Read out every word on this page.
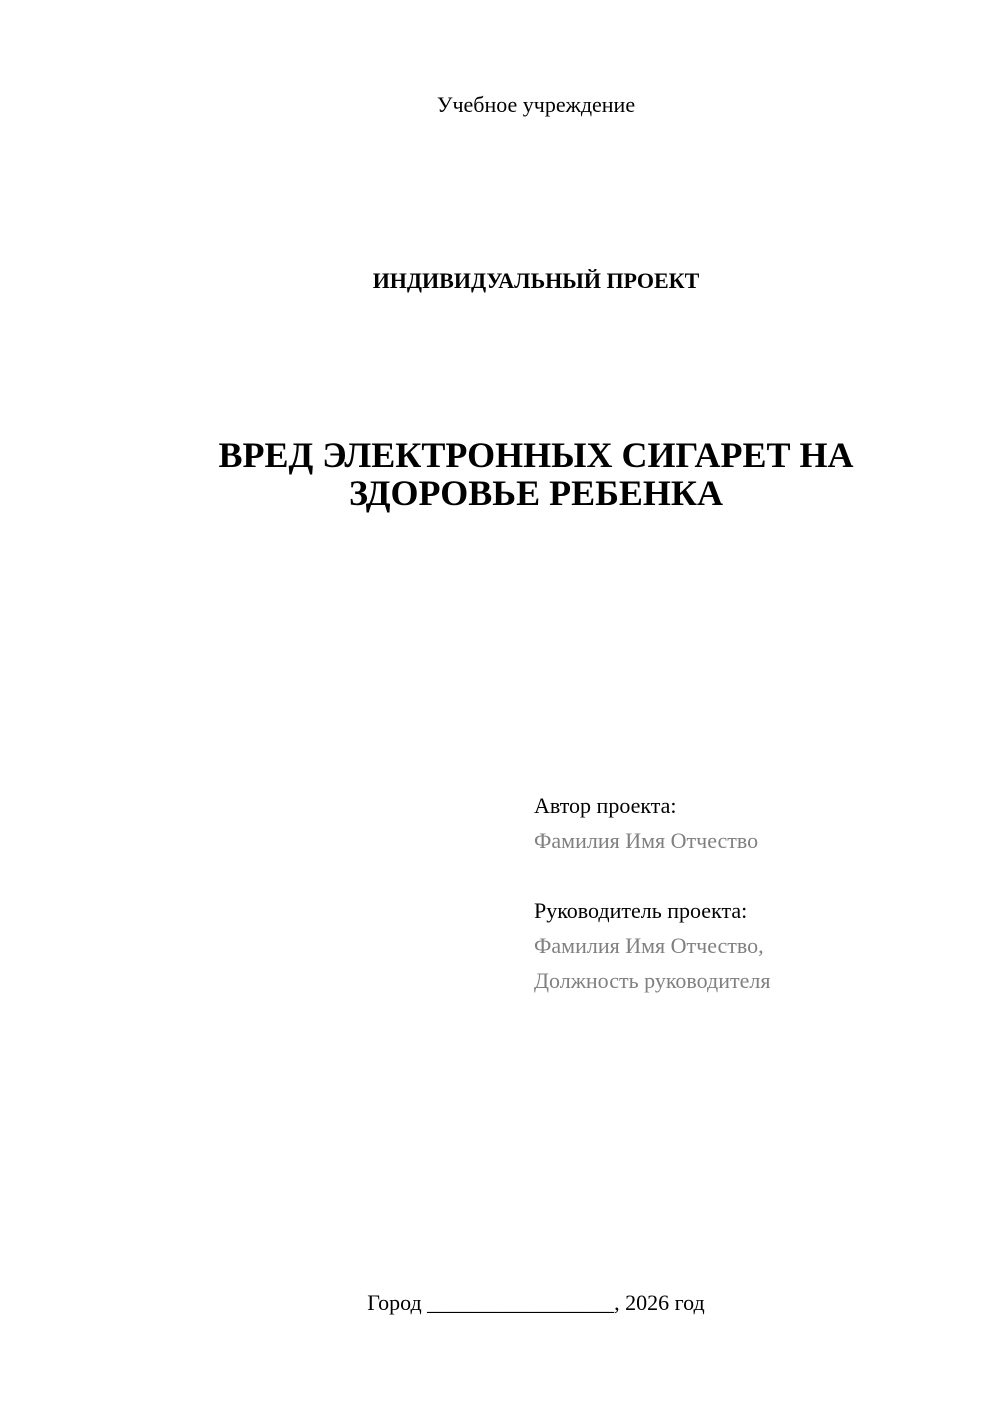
Учебное учреждение
ИНДИВИДУАЛЬНЫЙ ПРОЕКТ
ВРЕД ЭЛЕКТРОННЫХ СИГАРЕТ НА
ЗДОРОВЬЕ РЕБЕНКА
Автор проекта:
Фамилия Имя Отчество
Руководитель проекта:
Фамилия Имя Отчество,
Должность руководителя
Город _________________, 2026 год
